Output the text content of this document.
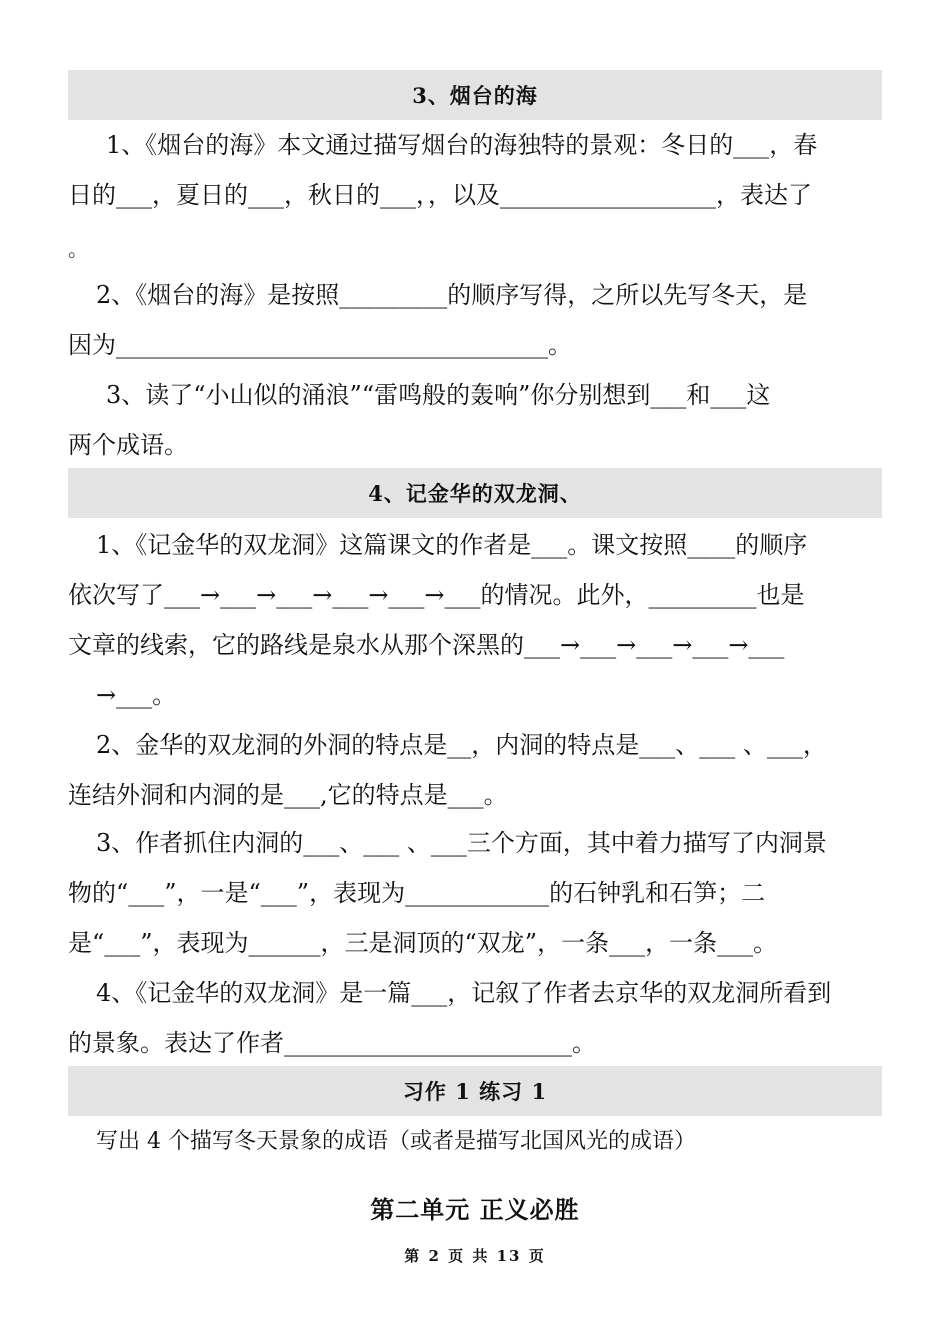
3、烟台的海
1、《烟台的海》本文通过描写烟台的海独特的景观：冬日的___，春
日的___，夏日的___，秋日的___，，以及__________________，表达了
。
2、《烟台的海》是按照_________的顺序写得，之所以先写冬天，是
因为____________________________________。
3、读了“小山似的涌浪”“雷鸣般的轰响”你分别想到___和___这
两个成语。
4、记金华的双龙洞、
1、《记金华的双龙洞》这篇课文的作者是___。课文按照____的顺序
依次写了___→___→___→___→___→___的情况。此外，_________也是
文章的线索，它的路线是泉水从那个深黑的___→___→___→___→___
→___。
2、金华的双龙洞的外洞的特点是__，内洞的特点是___、___ 、___，
连结外洞和内洞的是___,它的特点是___。
3、作者抓住内洞的___、___ 、___三个方面，其中着力描写了内洞景
物的“___”，一是“___”，表现为____________的石钟乳和石笋；二
是“___”，表现为______，三是洞顶的“双龙”，一条___，一条___。
4、《记金华的双龙洞》是一篇___，记叙了作者去京华的双龙洞所看到
的景象。表达了作者________________________。
习作 1 练习 1
写出 4 个描写冬天景象的成语（或者是描写北国风光的成语）
第二单元 正义必胜
第 2 页 共 13 页
